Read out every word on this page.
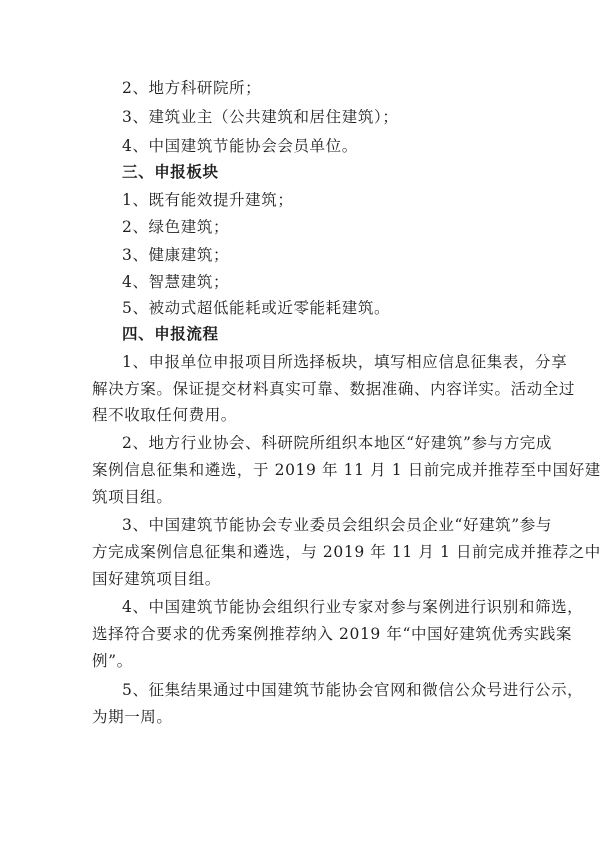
2、地方科研院所；
3、建筑业主（公共建筑和居住建筑）；
4、中国建筑节能协会会员单位。
三、申报板块
1、既有能效提升建筑；
2、绿色建筑；
3、健康建筑；
4、智慧建筑；
5、被动式超低能耗或近零能耗建筑。
四、申报流程
1、申报单位申报项目所选择板块，填写相应信息征集表，分享
解决方案。保证提交材料真实可靠、数据准确、内容详实。活动全过
程不收取任何费用。
2、地方行业协会、科研院所组织本地区“好建筑”参与方完成
案例信息征集和遴选，于 2019 年 11 月 1 日前完成并推荐至中国好建
筑项目组。
3、中国建筑节能协会专业委员会组织会员企业“好建筑”参与
方完成案例信息征集和遴选，与 2019 年 11 月 1 日前完成并推荐之中
国好建筑项目组。
4、中国建筑节能协会组织行业专家对参与案例进行识别和筛选，
选择符合要求的优秀案例推荐纳入 2019 年“中国好建筑优秀实践案
例”。
5、征集结果通过中国建筑节能协会官网和微信公众号进行公示，
为期一周。
